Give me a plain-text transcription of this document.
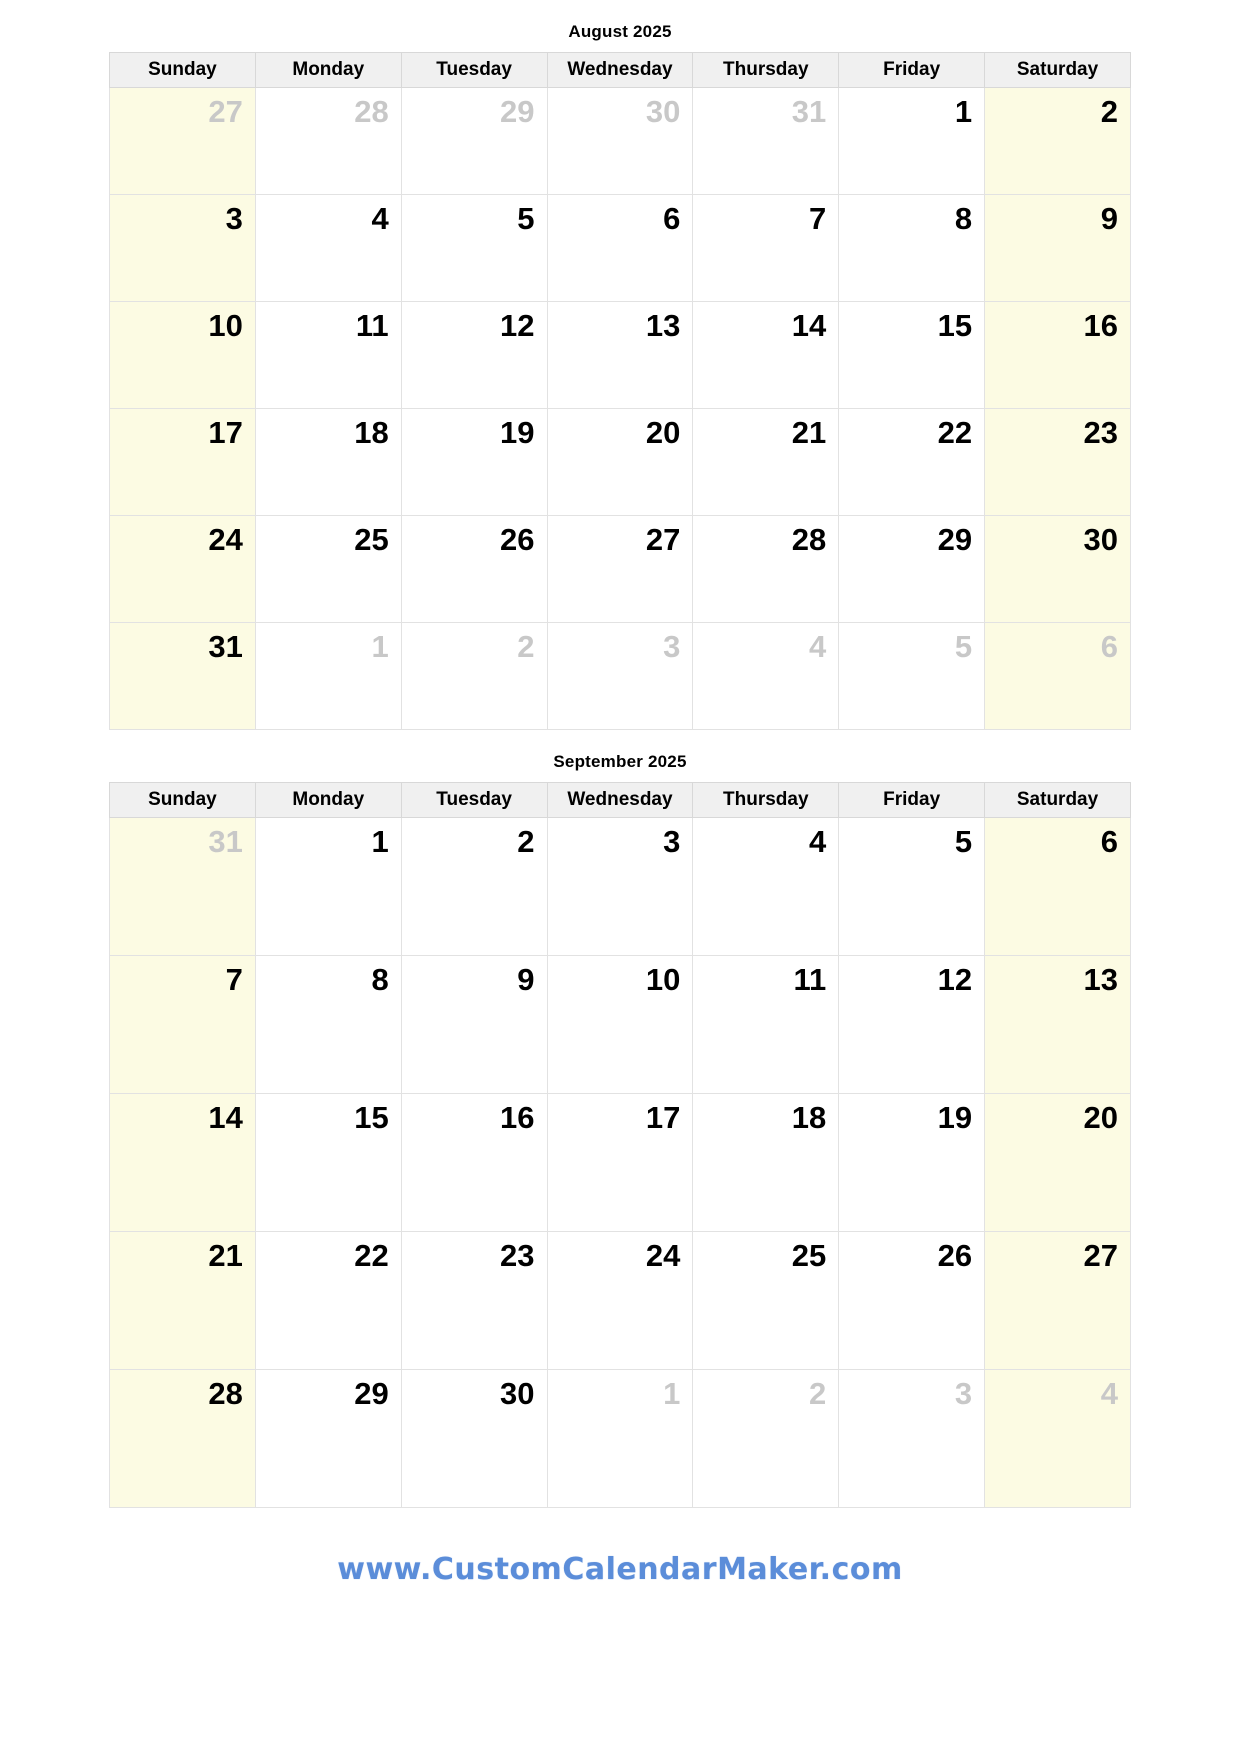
August 2025
Sunday	Monday	Tuesday	Wednesday	Thursday	Friday	Saturday
27	28	29	30	31	1	2
3	4	5	6	7	8	9
10	11	12	13	14	15	16
17	18	19	20	21	22	23
24	25	26	27	28	29	30
31	1	2	3	4	5	6
September 2025
Sunday	Monday	Tuesday	Wednesday	Thursday	Friday	Saturday
31	1	2	3	4	5	6
7	8	9	10	11	12	13
14	15	16	17	18	19	20
21	22	23	24	25	26	27
28	29	30	1	2	3	4
www.CustomCalendarMaker.com
